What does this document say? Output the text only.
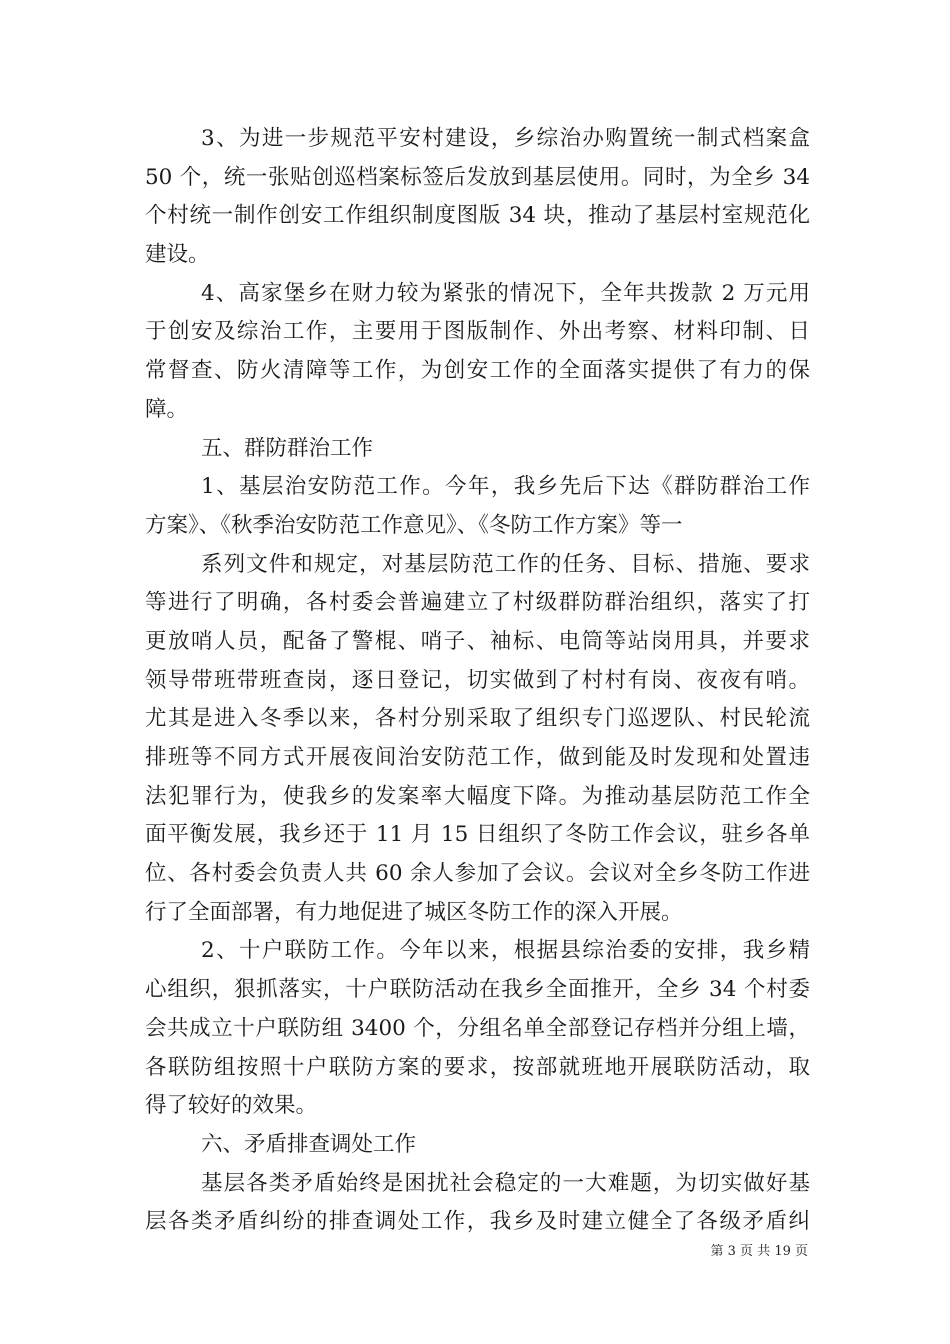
3、为进一步规范平安村建设，乡综治办购置统一制式档案盒
50 个，统一张贴创巡档案标签后发放到基层使用。同时，为全乡 34
个村统一制作创安工作组织制度图版 34 块，推动了基层村室规范化
建设。
4、高家堡乡在财力较为紧张的情况下，全年共拨款 2 万元用
于创安及综治工作，主要用于图版制作、外出考察、材料印制、日
常督查、防火清障等工作，为创安工作的全面落实提供了有力的保
障。
五、群防群治工作
1、基层治安防范工作。今年，我乡先后下达《群防群治工作
方案》、《秋季治安防范工作意见》、《冬防工作方案》等一
系列文件和规定，对基层防范工作的任务、目标、措施、要求
等进行了明确，各村委会普遍建立了村级群防群治组织，落实了打
更放哨人员，配备了警棍、哨子、袖标、电筒等站岗用具，并要求
领导带班带班查岗，逐日登记，切实做到了村村有岗、夜夜有哨。
尤其是进入冬季以来，各村分别采取了组织专门巡逻队、村民轮流
排班等不同方式开展夜间治安防范工作，做到能及时发现和处置违
法犯罪行为，使我乡的发案率大幅度下降。为推动基层防范工作全
面平衡发展，我乡还于 11 月 15 日组织了冬防工作会议，驻乡各单
位、各村委会负责人共 60 余人参加了会议。会议对全乡冬防工作进
行了全面部署，有力地促进了城区冬防工作的深入开展。
2、十户联防工作。今年以来，根据县综治委的安排，我乡精
心组织，狠抓落实，十户联防活动在我乡全面推开，全乡 34 个村委
会共成立十户联防组 3400 个，分组名单全部登记存档并分组上墙，
各联防组按照十户联防方案的要求，按部就班地开展联防活动，取
得了较好的效果。
六、矛盾排查调处工作
基层各类矛盾始终是困扰社会稳定的一大难题，为切实做好基
层各类矛盾纠纷的排查调处工作，我乡及时建立健全了各级矛盾纠
第 3 页 共 19 页
